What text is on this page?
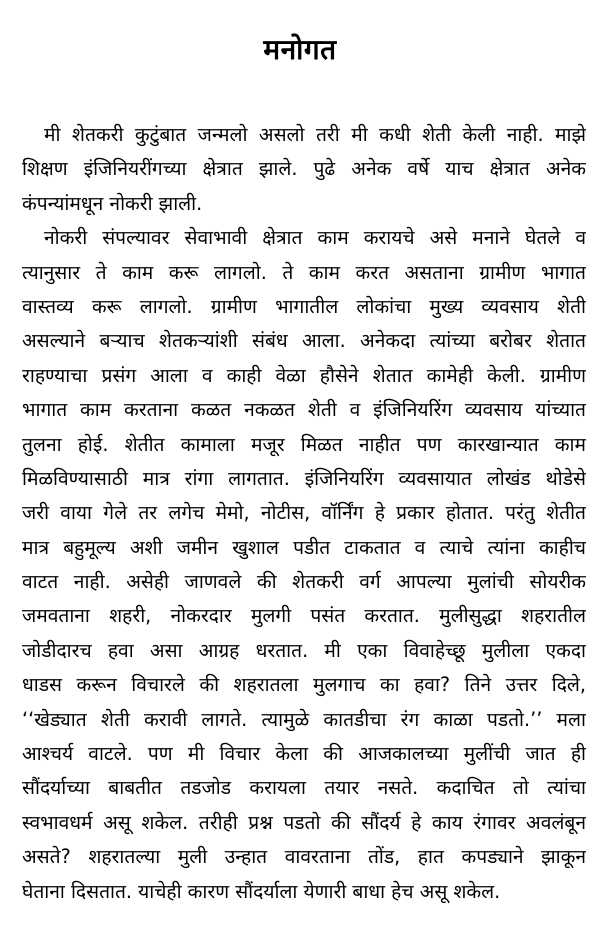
मनोगत
मी शेतकरी कुटुंबात जन्मलो असलो तरी मी कधी शेती केली नाही. माझे
शिक्षण इंजिनियरींगच्या क्षेत्रात झाले. पुढे अनेक वर्षे याच क्षेत्रात अनेक
कंपन्यांमधून नोकरी झाली.
नोकरी संपल्यावर सेवाभावी क्षेत्रात काम करायचे असे मनाने घेतले व
त्यानुसार ते काम करू लागलो. ते काम करत असताना ग्रामीण भागात
वास्तव्य करू लागलो. ग्रामीण भागातील लोकांचा मुख्य व्यवसाय शेती
असल्याने बऱ्याच शेतकऱ्यांशी संबंध आला. अनेकदा त्यांच्या बरोबर शेतात
राहण्याचा प्रसंग आला व काही वेळा हौसेने शेतात कामेही केली. ग्रामीण
भागात काम करताना कळत नकळत शेती व इंजिनियरिंग व्यवसाय यांच्यात
तुलना होई. शेतीत कामाला मजूर मिळत नाहीत पण कारखान्यात काम
मिळविण्यासाठी मात्र रांगा लागतात. इंजिनियरिंग व्यवसायात लोखंड थोडेसे
जरी वाया गेले तर लगेच मेमो, नोटीस, वॉर्निंग हे प्रकार होतात. परंतु शेतीत
मात्र बहुमूल्य अशी जमीन खुशाल पडीत टाकतात व त्याचे त्यांना काहीच
वाटत नाही. असेही जाणवले की शेतकरी वर्ग आपल्या मुलांची सोयरीक
जमवताना शहरी, नोकरदार मुलगी पसंत करतात. मुलीसुद्धा शहरातील
जोडीदारच हवा असा आग्रह धरतात. मी एका विवाहेच्छू मुलीला एकदा
धाडस करून विचारले की शहरातला मुलगाच का हवा? तिने उत्तर दिले,
‘‘खेड्यात शेती करावी लागते. त्यामुळे कातडीचा रंग काळा पडतो.’’ मला
आश्चर्य वाटले. पण मी विचार केला की आजकालच्या मुलींची जात ही
सौंदर्याच्या बाबतीत तडजोड करायला तयार नसते. कदाचित तो त्यांचा
स्वभावधर्म असू शकेल. तरीही प्रश्न पडतो की सौंदर्य हे काय रंगावर अवलंबून
असते? शहरातल्या मुली उन्हात वावरताना तोंड, हात कपड्याने झाकून
घेताना दिसतात. याचेही कारण सौंदर्याला येणारी बाधा हेच असू शकेल.
